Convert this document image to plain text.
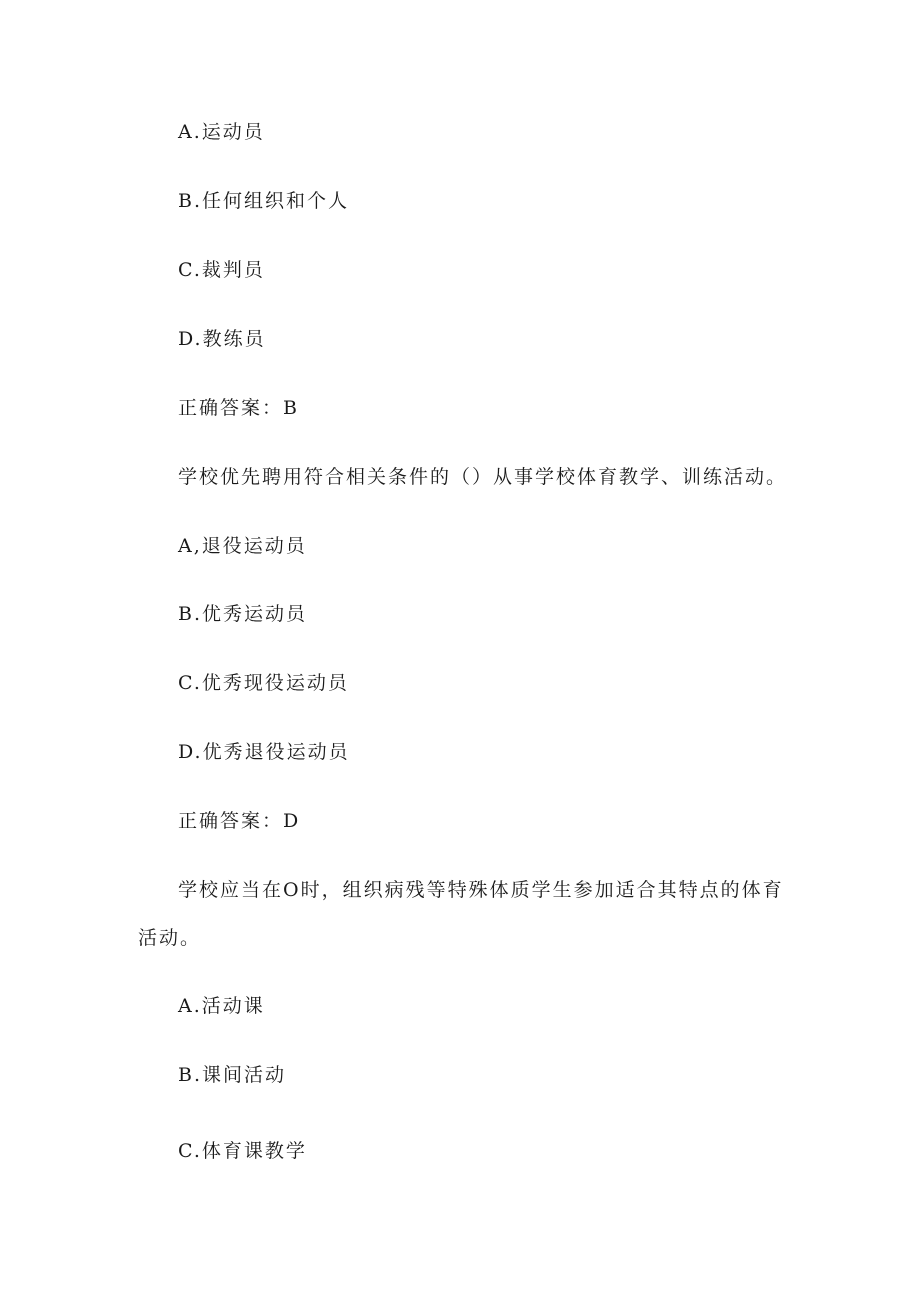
A.运动员
B.任何组织和个人
C.裁判员
D.教练员
正确答案：B
学校优先聘用符合相关条件的（）从事学校体育教学、训练活动。
A,退役运动员
B.优秀运动员
C.优秀现役运动员
D.优秀退役运动员
正确答案：D
学校应当在O时，组织病残等特殊体质学生参加适合其特点的体育
活动。
A.活动课
B.课间活动
C.体育课教学
